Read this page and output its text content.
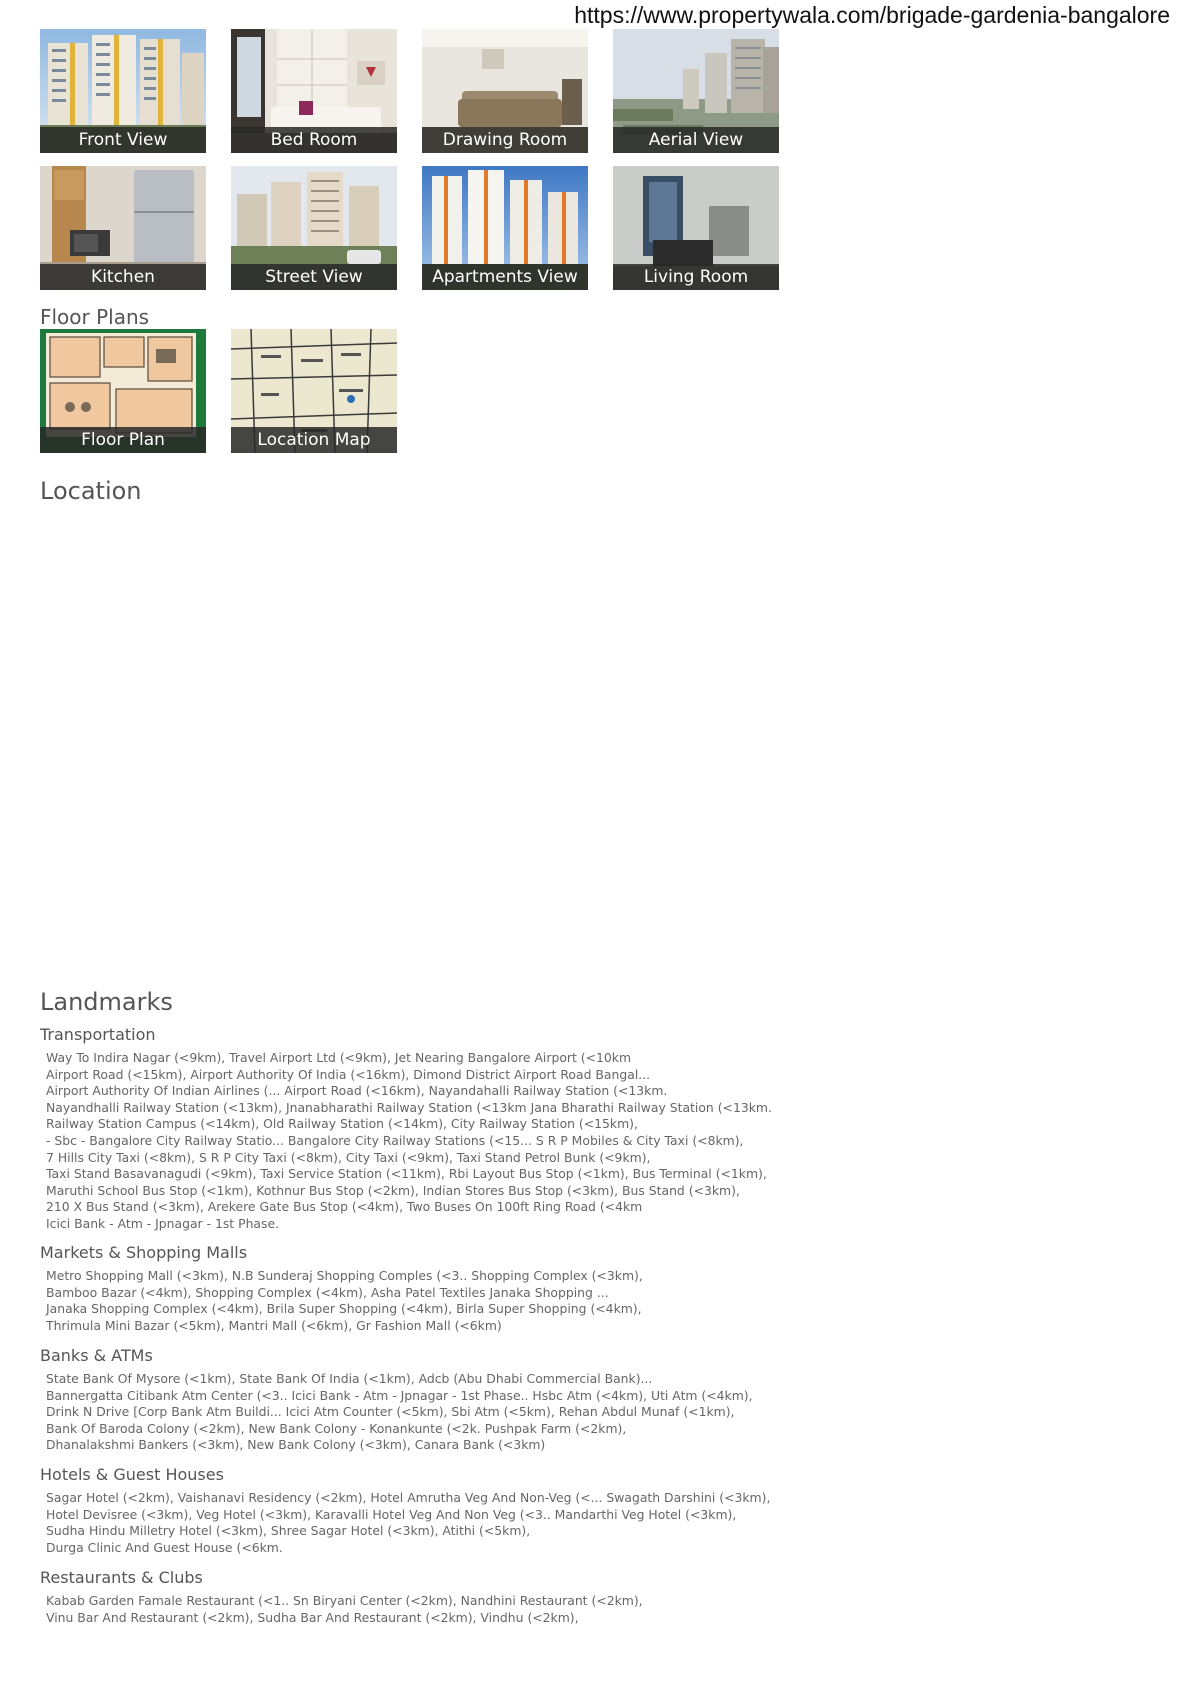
https://www.propertywala.com/brigade-gardenia-bangalore
Front View	Bed Room	Drawing Room	Aerial View
Kitchen	Street View	Apartments View	Living Room
Floor Plans
Floor Plan	Location Map
Location
Landmarks
Transportation
Way To Indira Nagar (<9km), Travel Airport Ltd (<9km), Jet Nearing Bangalore Airport (<10km
Airport Road (<15km), Airport Authority Of India (<16km), Dimond District Airport Road Bangal...
Airport Authority Of Indian Airlines (... Airport Road (<16km), Nayandahalli Railway Station (<13km.
Nayandhalli Railway Station (<13km), Jnanabharathi Railway Station (<13km Jana Bharathi Railway Station (<13km.
Railway Station Campus (<14km), Old Railway Station (<14km), City Railway Station (<15km),
- Sbc - Bangalore City Railway Statio... Bangalore City Railway Stations (<15... S R P Mobiles & City Taxi (<8km),
7 Hills City Taxi (<8km), S R P City Taxi (<8km), City Taxi (<9km), Taxi Stand Petrol Bunk (<9km),
Taxi Stand Basavanagudi (<9km), Taxi Service Station (<11km), Rbi Layout Bus Stop (<1km), Bus Terminal (<1km),
Maruthi School Bus Stop (<1km), Kothnur Bus Stop (<2km), Indian Stores Bus Stop (<3km), Bus Stand (<3km),
210 X Bus Stand (<3km), Arekere Gate Bus Stop (<4km), Two Buses On 100ft Ring Road (<4km
Icici Bank - Atm - Jpnagar - 1st Phase.
Markets & Shopping Malls
Metro Shopping Mall (<3km), N.B Sunderaj Shopping Comples (<3.. Shopping Complex (<3km),
Bamboo Bazar (<4km), Shopping Complex (<4km), Asha Patel Textiles Janaka Shopping ...
Janaka Shopping Complex (<4km), Brila Super Shopping (<4km), Birla Super Shopping (<4km),
Thrimula Mini Bazar (<5km), Mantri Mall (<6km), Gr Fashion Mall (<6km)
Banks & ATMs
State Bank Of Mysore (<1km), State Bank Of India (<1km), Adcb (Abu Dhabi Commercial Bank)...
Bannergatta Citibank Atm Center (<3.. Icici Bank - Atm - Jpnagar - 1st Phase.. Hsbc Atm (<4km), Uti Atm (<4km),
Drink N Drive [Corp Bank Atm Buildi... Icici Atm Counter (<5km), Sbi Atm (<5km), Rehan Abdul Munaf (<1km),
Bank Of Baroda Colony (<2km), New Bank Colony - Konankunte (<2k. Pushpak Farm (<2km),
Dhanalakshmi Bankers (<3km), New Bank Colony (<3km), Canara Bank (<3km)
Hotels & Guest Houses
Sagar Hotel (<2km), Vaishanavi Residency (<2km), Hotel Amrutha Veg And Non-Veg (<... Swagath Darshini (<3km),
Hotel Devisree (<3km), Veg Hotel (<3km), Karavalli Hotel Veg And Non Veg (<3.. Mandarthi Veg Hotel (<3km),
Sudha Hindu Milletry Hotel (<3km), Shree Sagar Hotel (<3km), Atithi (<5km),
Durga Clinic And Guest House (<6km.
Restaurants & Clubs
Kabab Garden Famale Restaurant (<1.. Sn Biryani Center (<2km), Nandhini Restaurant (<2km),
Vinu Bar And Restaurant (<2km), Sudha Bar And Restaurant (<2km), Vindhu (<2km),
